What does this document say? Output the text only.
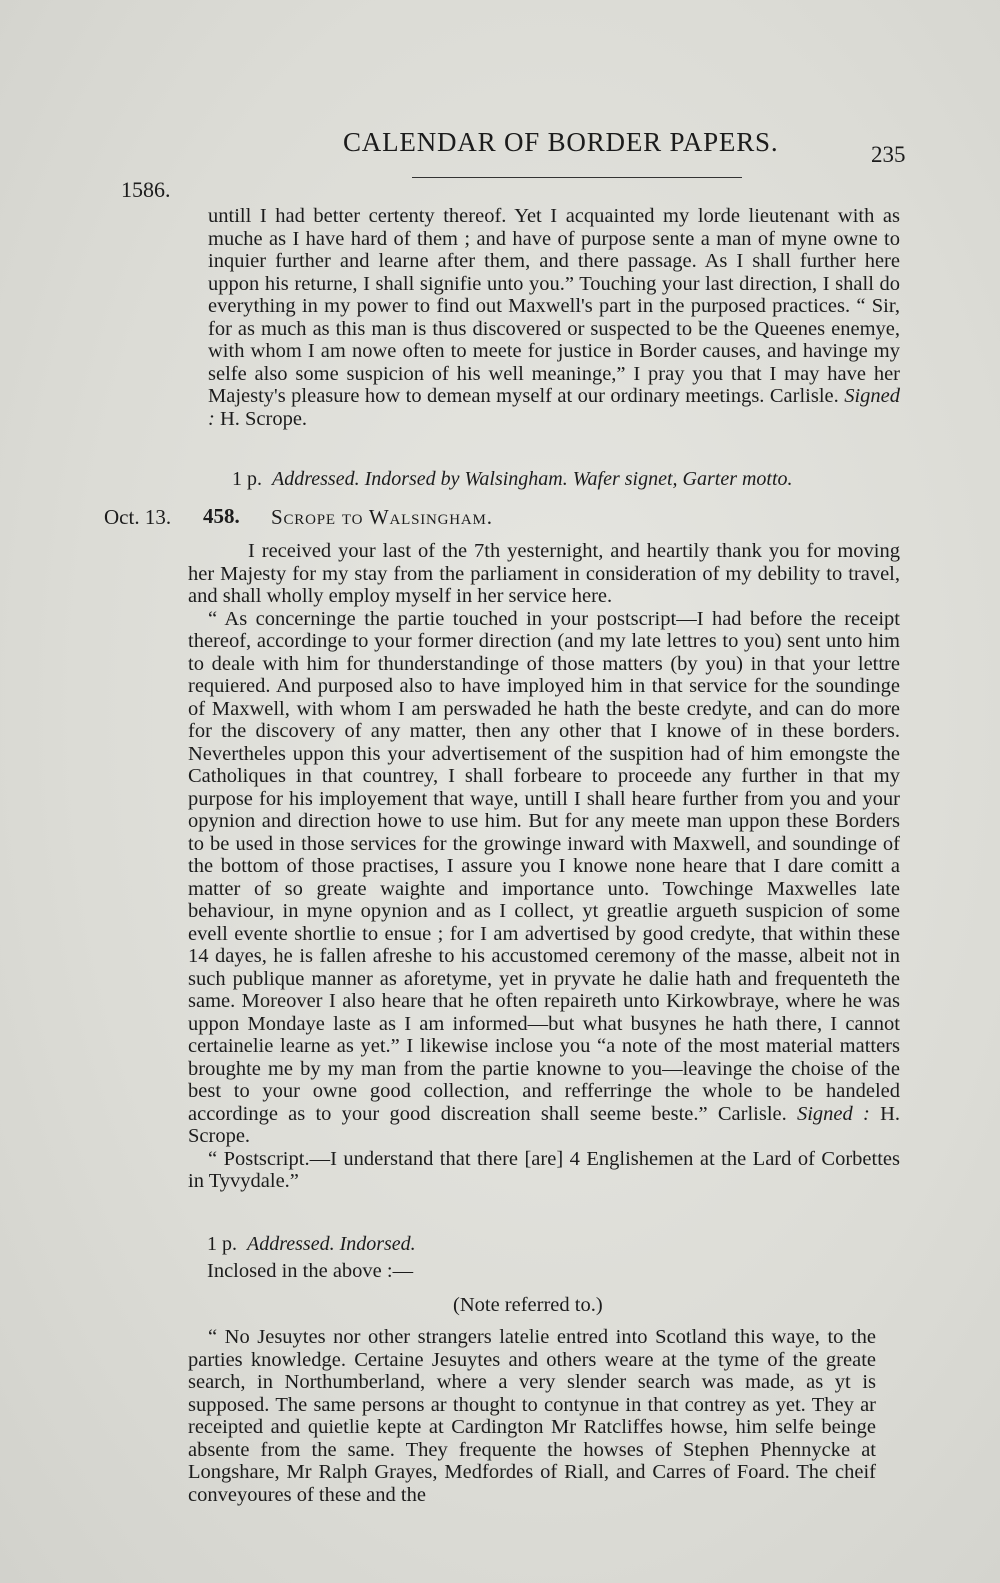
CALENDAR OF BORDER PAPERS.	235
1586.

untill I had better certenty thereof. Yet I acquainted my lorde lieutenant with as muche as I have hard of them ; and have of purpose sente a man of myne owne to inquier further and learne after them, and there passage. As I shall further here uppon his returne, I shall signifie unto you.” Touching your last direction, I shall do everything in my power to find out Maxwell's part in the purposed practices. “ Sir, for as much as this man is thus discovered or suspected to be the Queenes enemye, with whom I am nowe often to meete for justice in Border causes, and havinge my selfe also some suspicion of his well meaninge,” I pray you that I may have her Majesty's pleasure how to demean myself at our ordinary meetings. Carlisle. Signed : H. Scrope.

1 p. Addressed. Indorsed by Walsingham. Wafer signet, Garter motto.
Oct. 13. 458. Scrope to Walsingham.

I received your last of the 7th yesternight, and heartily thank you for moving her Majesty for my stay from the parliament in consideration of my debility to travel, and shall wholly employ myself in her service here.

“ As concerninge the partie touched in your postscript—I had before the receipt thereof, accordinge to your former direction (and my late lettres to you) sent unto him to deale with him for thunderstandinge of those matters (by you) in that your lettre requiered. And purposed also to have imployed him in that service for the soundinge of Maxwell, with whom I am perswaded he hath the beste credyte, and can do more for the discovery of any matter, then any other that I knowe of in these borders. Nevertheles uppon this your advertisement of the suspition had of him emongste the Catholiques in that countrey, I shall forbeare to proceede any further in that my purpose for his imployement that waye, untill I shall heare further from you and your opynion and direction howe to use him. But for any meete man uppon these Borders to be used in those services for the growinge inward with Maxwell, and soundinge of the bottom of those practises, I assure you I knowe none heare that I dare comitt a matter of so greate waighte and importance unto. Towchinge Maxwelles late behaviour, in myne opynion and as I collect, yt greatlie argueth suspicion of some evell evente shortlie to ensue ; for I am advertised by good credyte, that within these 14 dayes, he is fallen afreshe to his accustomed ceremony of the masse, albeit not in such publique manner as aforetyme, yet in pryvate he dalie hath and frequenteth the same. Moreover I also heare that he often repaireth unto Kirkowbraye, where he was uppon Mondaye laste as I am informed—but what busynes he hath there, I cannot certainelie learne as yet.” I likewise inclose you “a note of the most material matters broughte me by my man from the partie knowne to you—leavinge the choise of the best to your owne good collection, and refferringe the whole to be handeled accordinge as to your good discreation shall seeme beste.” Carlisle. Signed : H. Scrope.

“ Postscript.—I understand that there [are] 4 Englishemen at the Lard of Corbettes in Tyvydale.”

1 p. Addressed. Indorsed.
Inclosed in the above :—
(Note referred to.)

“ No Jesuytes nor other strangers latelie entred into Scotland this waye, to the parties knowledge. Certaine Jesuytes and others weare at the tyme of the greate search, in Northumberland, where a very slender search was made, as yt is supposed. The same persons ar thought to contynue in that contrey as yet. They ar receipted and quietlie kepte at Cardington Mr Ratcliffes howse, him selfe beinge absente from the same. They frequente the howses of Stephen Phennycke at Longshare, Mr Ralph Grayes, Medfordes of Riall, and Carres of Foard. The cheif conveyoures of these and the
